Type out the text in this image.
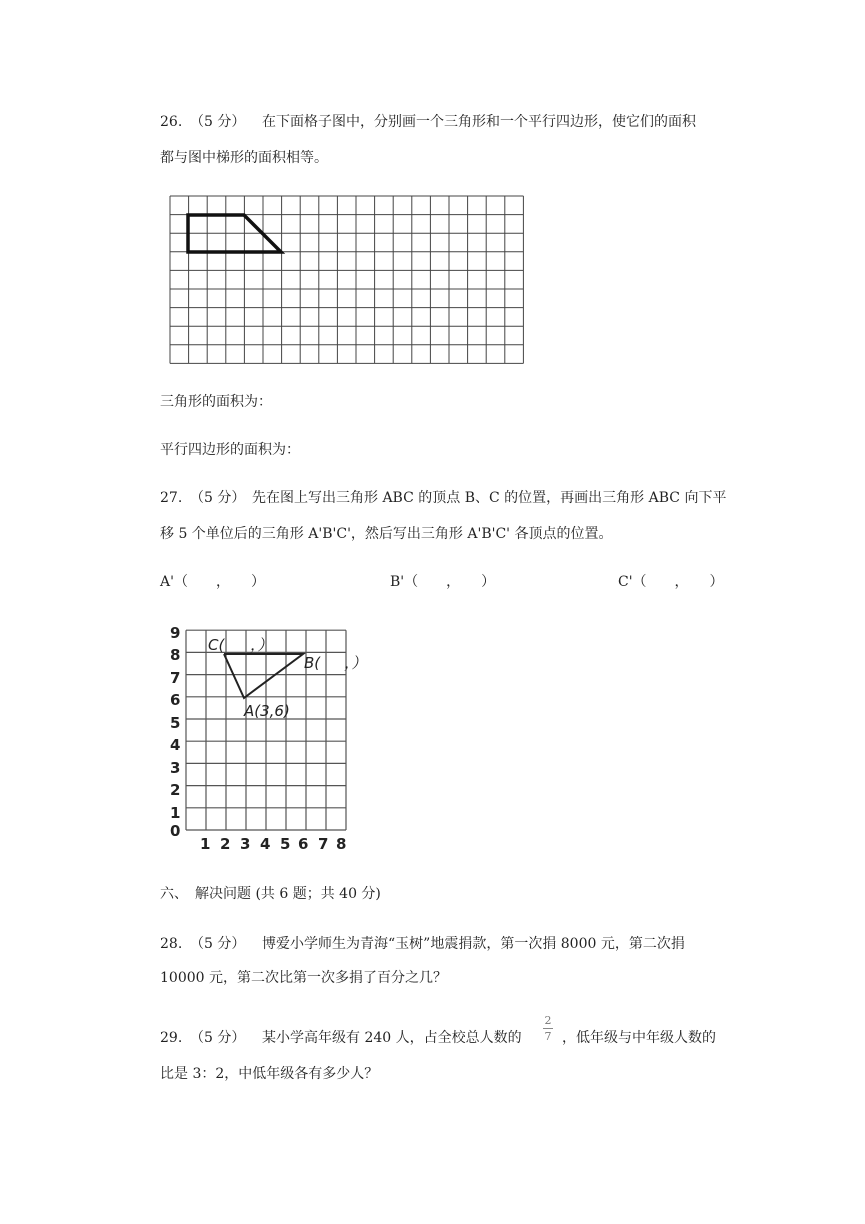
26. （5 分） 在下面格子图中，分别画一个三角形和一个平行四边形，使它们的面积
都与图中梯形的面积相等。
三角形的面积为：
平行四边形的面积为：
27. （5 分） 先在图上写出三角形 ABC 的顶点 B、C 的位置，再画出三角形 ABC 向下平
移 5 个单位后的三角形 A'B'C'，然后写出三角形 A'B'C' 各顶点的位置。
A'（　　，　　）	B'（　　，　　）	C'（　　，　　）
9
8
7
6
5
4
3
2
1
0
1 2 3 4 5 6 7 8
C( ，）
B( ，）
A(3,6)
六、　解决问题 (共 6 题；共 40 分)
28. （5 分） 博爱小学师生为青海“玉树”地震捐款，第一次捐 8000 元，第二次捐
10000 元，第二次比第一次多捐了百分之几？
29. （5 分） 某小学高年级有 240 人，占全校总人数的
2
7 ，低年级与中年级人数的
比是 3：2，中低年级各有多少人？
